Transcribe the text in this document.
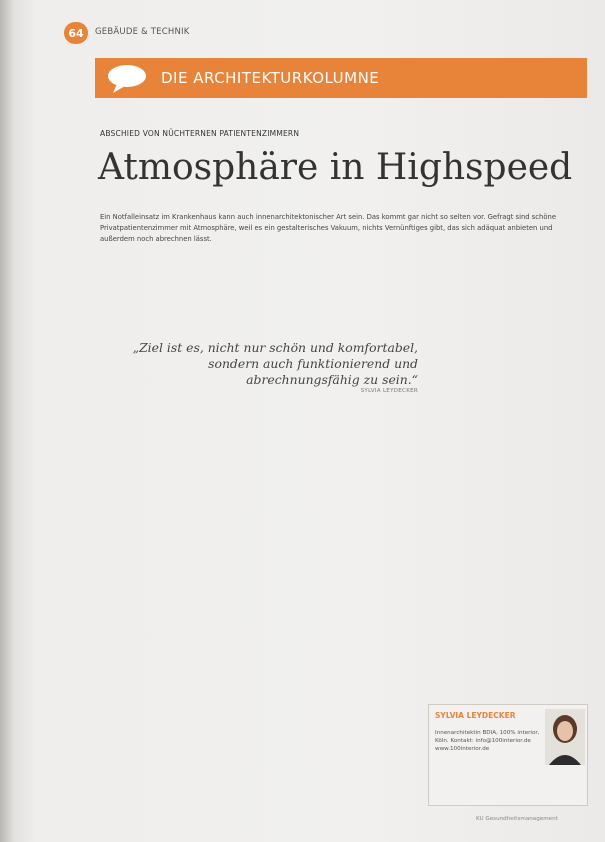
64	GEBÄUDE & TECHNIK
DIE ARCHITEKTURKOLUMNE
ABSCHIED VON NÜCHTERNEN PATIENTENZIMMERN
Atmosphäre in Highspeed
Ein Notfalleinsatz im Krankenhaus kann auch innenarchitektonischer Art sein. Das kommt gar nicht so selten vor. Gefragt sind schöne Privatpatientenzimmer mit Atmosphäre, weil es ein gestalterisches Vakuum, nichts Vernünftiges gibt, das sich adäquat anbieten und außerdem noch abrechnen lässt.

„Ziel ist es, nicht nur schön und komfortabel, sondern auch funktionierend und abrechnungsfähig zu sein.“
SYLVIA LEYDECKER

SYLVIA LEYDECKER
Innenarchitektin BDIA, 100% interior, Köln. Kontakt: info@100interior.de www.100interior.de
KU Gesundheitsmanagement
